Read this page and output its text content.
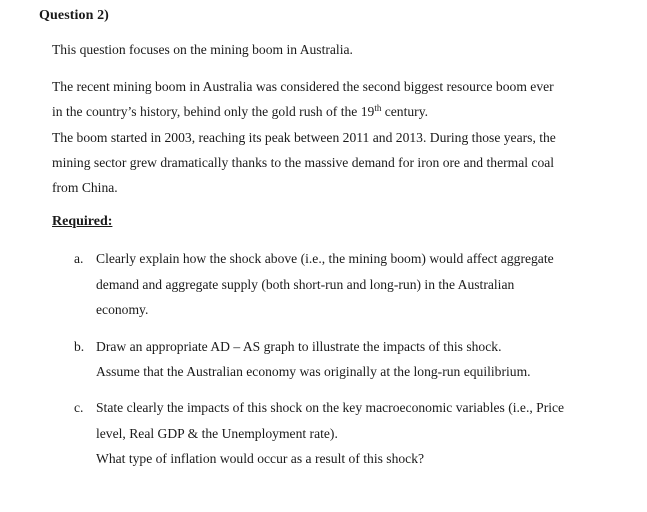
Question 2)
This question focuses on the mining boom in Australia.
The recent mining boom in Australia was considered the second biggest resource boom ever
in the country’s history, behind only the gold rush of the 19th century.
The boom started in 2003, reaching its peak between 2011 and 2013. During those years, the
mining sector grew dramatically thanks to the massive demand for iron ore and thermal coal
from China.
Required:
a. Clearly explain how the shock above (i.e., the mining boom) would affect aggregate
demand and aggregate supply (both short-run and long-run) in the Australian
economy.
b. Draw an appropriate AD – AS graph to illustrate the impacts of this shock.
Assume that the Australian economy was originally at the long-run equilibrium.
c. State clearly the impacts of this shock on the key macroeconomic variables (i.e., Price
level, Real GDP & the Unemployment rate).
What type of inflation would occur as a result of this shock?
